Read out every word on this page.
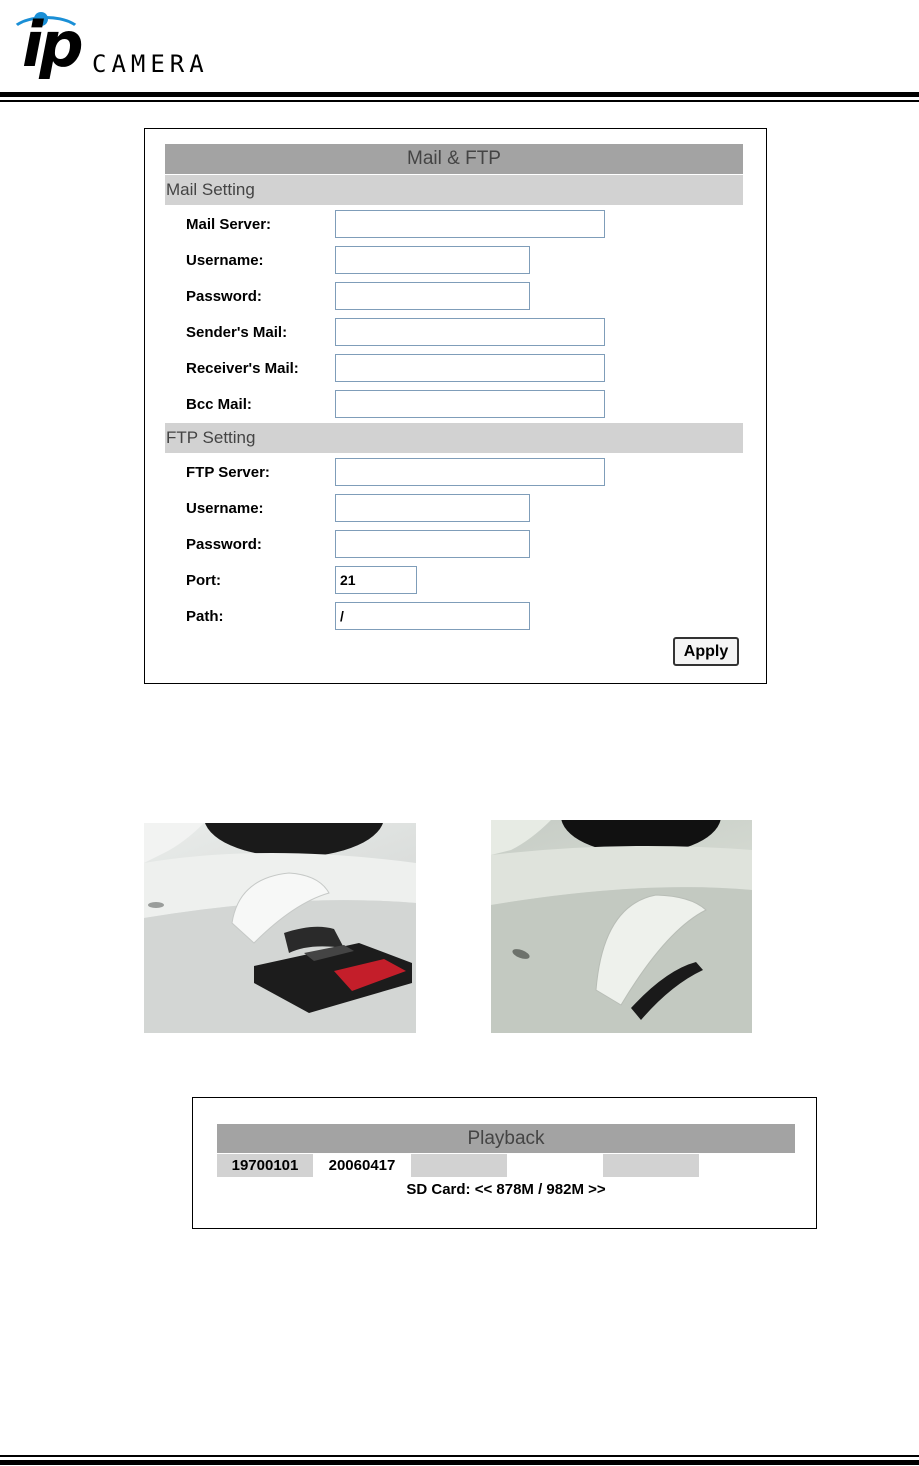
ip CAMERA
Mail & FTP
Mail Setting
Mail Server:
Username:
Password:
Sender's Mail:
Receiver's Mail:
Bcc Mail:
FTP Setting
FTP Server:
Username:
Password:
Port:	21
Path:	/
Apply
Playback
19700101	20060417
SD Card: << 878M / 982M >>
